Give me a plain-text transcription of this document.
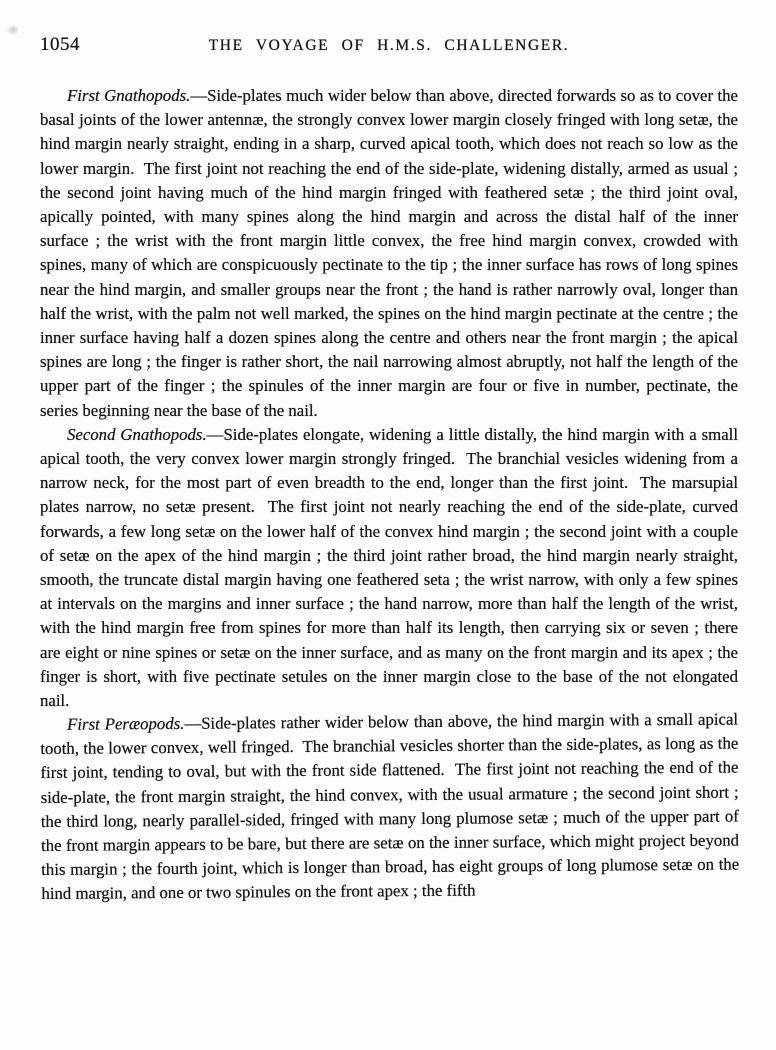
1054	THE VOYAGE OF H.M.S. CHALLENGER.

First Gnathopods.—Side-plates much wider below than above, directed forwards so as to cover the basal joints of the lower antennæ, the strongly convex lower margin closely fringed with long setæ, the hind margin nearly straight, ending in a sharp, curved apical tooth, which does not reach so low as the lower margin.  The first joint not reaching the end of the side-plate, widening distally, armed as usual ; the second joint having much of the hind margin fringed with feathered setæ ; the third joint oval, apically pointed, with many spines along the hind margin and across the distal half of the inner surface ; the wrist with the front margin little convex, the free hind margin convex, crowded with spines, many of which are conspicuously pectinate to the tip ; the inner surface has rows of long spines near the hind margin, and smaller groups near the front ; the hand is rather narrowly oval, longer than half the wrist, with the palm not well marked, the spines on the hind margin pectinate at the centre ; the inner surface having half a dozen spines along the centre and others near the front margin ; the apical spines are long ; the finger is rather short, the nail narrowing almost abruptly, not half the length of the upper part of the finger ; the spinules of the inner margin are four or five in number, pectinate, the series beginning near the base of the nail.

Second Gnathopods.—Side-plates elongate, widening a little distally, the hind margin with a small apical tooth, the very convex lower margin strongly fringed.  The branchial vesicles widening from a narrow neck, for the most part of even breadth to the end, longer than the first joint.  The marsupial plates narrow, no setæ present.  The first joint not nearly reaching the end of the side-plate, curved forwards, a few long setæ on the lower half of the convex hind margin ; the second joint with a couple of setæ on the apex of the hind margin ; the third joint rather broad, the hind margin nearly straight, smooth, the truncate distal margin having one feathered seta ; the wrist narrow, with only a few spines at intervals on the margins and inner surface ; the hand narrow, more than half the length of the wrist, with the hind margin free from spines for more than half its length, then carrying six or seven ; there are eight or nine spines or setæ on the inner surface, and as many on the front margin and its apex ; the finger is short, with five pectinate setules on the inner margin close to the base of the not elongated nail.

First Peræopods.—Side-plates rather wider below than above, the hind margin with a small apical tooth, the lower convex, well fringed.  The branchial vesicles shorter than the side-plates, as long as the first joint, tending to oval, but with the front side flattened.  The first joint not reaching the end of the side-plate, the front margin straight, the hind convex, with the usual armature ; the second joint short ; the third long, nearly parallel-sided, fringed with many long plumose setæ ; much of the upper part of the front margin appears to be bare, but there are setæ on the inner surface, which might project beyond this margin ; the fourth joint, which is longer than broad, has eight groups of long plumose setæ on the hind margin, and one or two spinules on the front apex ; the fifth
